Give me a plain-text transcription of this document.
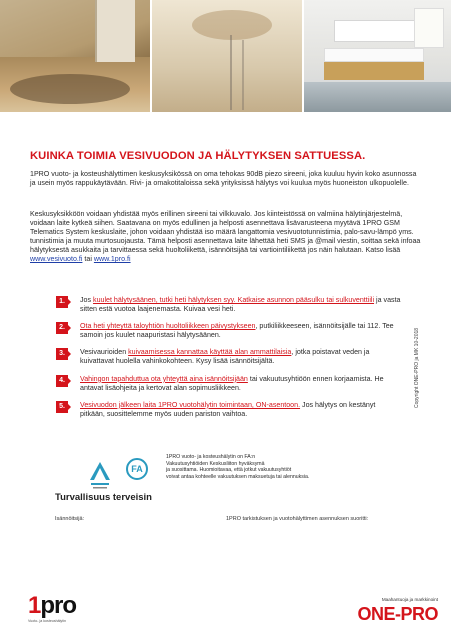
KUINKA TOIMIA VESIVUODON JA HÄLYTYKSEN SATTUESSA.

1PRO vuoto- ja kosteushälyttimen keskusyksikössä on oma tehokas 90dB piezo sireeni, joka kuuluu hyvin koko asunnossa ja usein myös rappukäytävään. Rivi- ja omakotitaloissa sekä yrityksissä hälytys voi kuulua myös huoneiston ulkopuolelle.

Keskusyksikköön voidaan yhdistää myös erillinen sireeni tai vilkkuvalo. Jos kiinteistössä on valmiina hälytinjärjestelmä, voidaan laite kytkeä siihen. Saatavana on myös edullinen ja helposti asennettava lisävarusteena myytävä 1PRO GSM Telematics System keskuslaite, johon voidaan yhdistää iso määrä langattomia vesivuototunnistimia, palo-savu-lämpö yms. tunnistimia ja muuta murtosuojausta. Tämä helposti asennettava laite lähettää heti SMS ja @mail viestin, soittaa sekä infoaa hälytyksestä asukkaita ja tarvittaessa sekä huoltoliikettä, isännöitsijää tai vartiointiliikettä jos näin halutaan. Katso lisää www.vesivuoto.fi tai www.1pro.fi

1.	Jos kuulet hälytysäänen, tutki heti hälytyksen syy. Katkaise asunnon pääsulku tai sulkuventtiili ja vasta sitten estä vuotoa laajenemasta. Kuivaa vesi heti.
2.	Ota heti yhteyttä taloyhtiön huoltoliikkeen päivystykseen, putkiliikkeeseen, isännöitsijälle tai 112. Tee samoin jos kuulet naapuristasi hälytysäänen.
3.	Vesivaurioiden kuivaamisessa kannattaa käyttää alan ammattilaisia, jotka poistavat veden ja kuivattavat huolella vahinkokohteen. Kysy lisää isännöitsijältä.
4.	Vahingon tapahduttua ota yhteyttä aina isännöitsijään tai vakuutusyhtiöön ennen korjaamista. He antavat lisäohjeita ja kertovat alan sopimusliikkeen.
5.	Vesivuodon jälkeen laita 1PRO vuotohälytin toimintaan, ON-asentoon. Jos hälytys on kestänyt pitkään, suosittelemme myös uuden pariston vaihtoa.
Copyright ONE-PRO ja MK 10-2018
FA
1PRO vuoto- ja kosteushälytin on FA:n
Vakuutusyhtiöiden Keskusliiton hyväksymä
ja suosittama. Huomioitavaa, että jotkut vakuutusyhtiöt
voivat antaa kohteelle vakuutuksen maksuetuja tai alennuksia.
Turvallisuus terveisin
Isännöitsijä:	1PRO tarkistuksen ja vuotohälyttimen asennuksen suoritti:
1pro
Vuoto- ja kosteushälytin
Maahantuoja ja markkinoint
ONE-PRO
